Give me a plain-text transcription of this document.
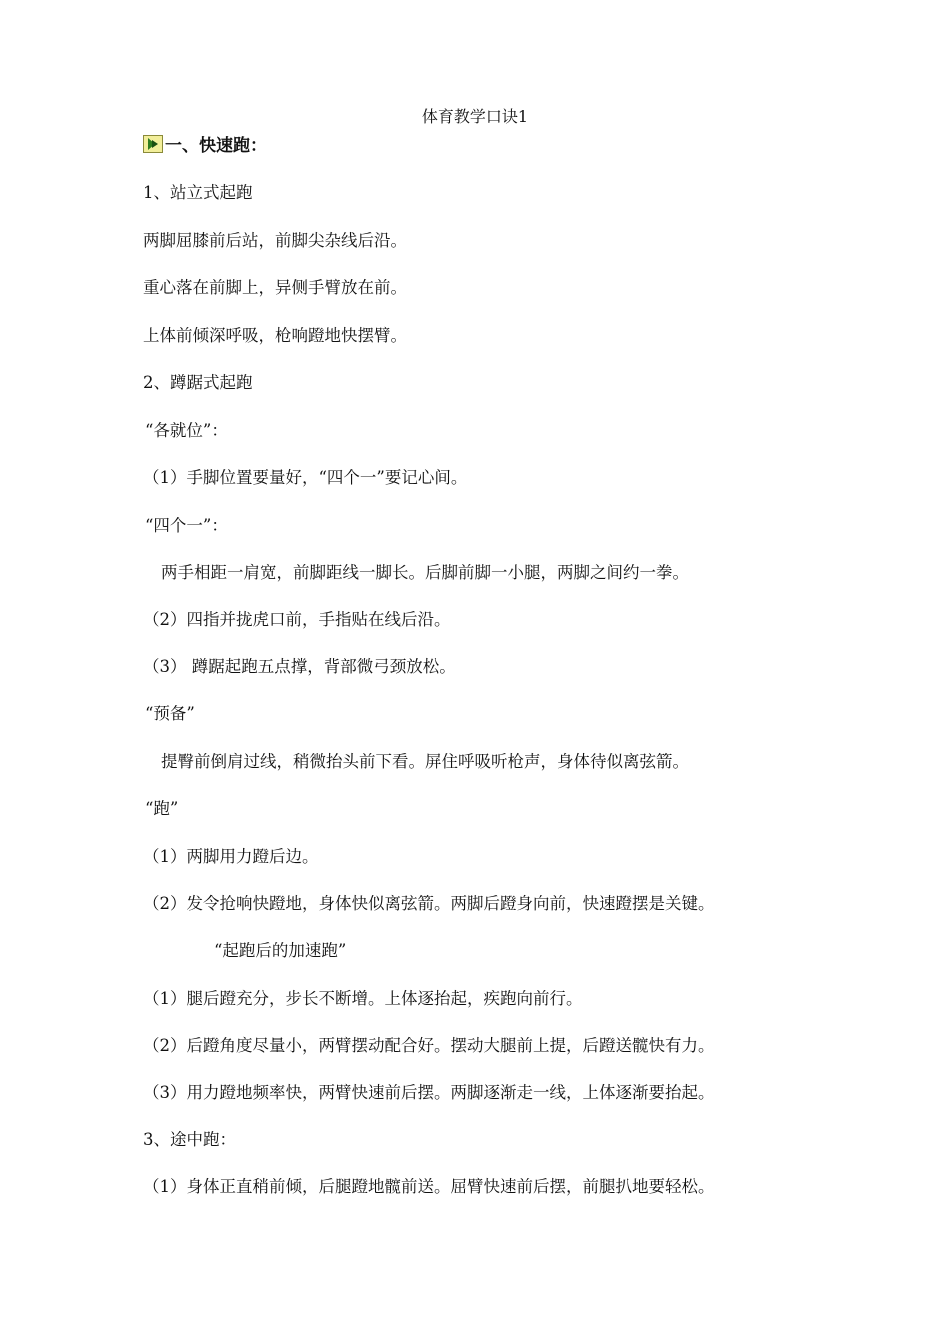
体育教学口诀1
一、快速跑：
1、站立式起跑
两脚屈膝前后站，前脚尖杂线后沿。
重心落在前脚上，异侧手臂放在前。
上体前倾深呼吸，枪响蹬地快摆臂。
2、蹲踞式起跑
“各就位”：
（1）手脚位置要量好，“四个一”要记心间。
“四个一”：
两手相距一肩宽，前脚距线一脚长。后脚前脚一小腿，两脚之间约一拳。
（2）四指并拢虎口前，手指贴在线后沿。
（3） 蹲踞起跑五点撑，背部微弓颈放松。
“预备”
提臀前倒肩过线，稍微抬头前下看。屏住呼吸听枪声，身体待似离弦箭。
“跑”
（1）两脚用力蹬后边。
（2）发令抢响快蹬地，身体快似离弦箭。两脚后蹬身向前，快速蹬摆是关键。
“起跑后的加速跑”
（1）腿后蹬充分，步长不断增。上体逐抬起，疾跑向前行。
（2）后蹬角度尽量小，两臂摆动配合好。摆动大腿前上提，后蹬送髋快有力。
（3）用力蹬地频率快，两臂快速前后摆。两脚逐渐走一线，上体逐渐要抬起。
3、途中跑：
（1）身体正直稍前倾，后腿蹬地髋前送。屈臂快速前后摆，前腿扒地要轻松。
